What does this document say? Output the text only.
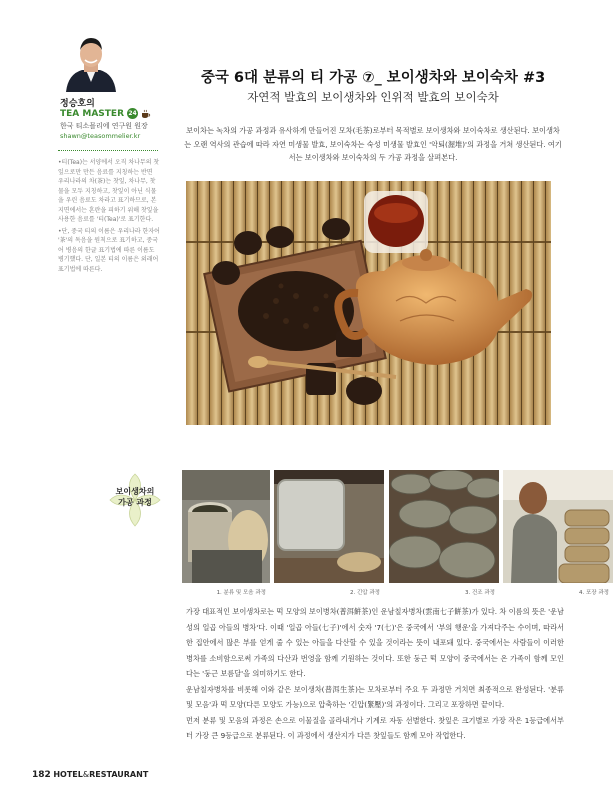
정승호의
TEA MASTER 24
한국 티소믈리에 연구원 원장
shawn@teasommelier.kr

•티(Tea)는 서양에서 오직 차나무의 찻잎으로만 만든 음료를 지칭하는 반면 우리나라의 차(茶)는 찻잎, 차나무, 찻물을 모두 지칭하고, 찻잎이 아닌 식물을 우린 음료도 차라고 표기하므로, 본 지면에서는 혼란을 피하기 위해 찻잎을 사용한 음료를 '티(Tea)'로 표기한다.

•단, 중국 티의 이름은 우리나라 한자어 '茶'의 독음을 원칙으로 표기하고, 중국어 병음의 한글 표기법에 따른 이름도 병기했다. 단, 일본 티의 이름은 외래어 표기법에 따른다.

중국 6대 분류의 티 가공 ⑦_ 보이생차와 보이숙차 #3
자연적 발효의 보이생차와 인위적 발효의 보이숙차
보이차는 녹차의 가공 과정과 유사하게 만들어진 모차(毛茶)로부터 목적별로 보이생차와 보이숙차로 생산된다. 보이생차는 오랜 역사의 관습에 따라 자연 미생물 발효, 보이숙차는 숙성 미생물 발효인 '악퇴(渥堆)'의 과정을 거쳐 생산된다. 여기서는 보이생차와 보이숙차의 두 가공 과정을 살펴본다.
보이생차의
가공 과정
1. 분류 및 모음 과정	2. 긴압 과정	3. 건조 과정	4. 포장 과정

가장 대표적인 보이생차로는 떡 모양의 보이병차(普洱餠茶)인 운남칠자병차(雲南七子餠茶)가 있다. 차 이름의 뜻은 '운남성의 일곱 아들의 병차'다. 이때 '일곱 아들(七子)'에서 숫자 '7(七)'은 중국에서 '부의 행운'을 가져다주는 수이며, 따라서 한 집안에서 많은 부를 얻게 줄 수 있는 아들을 다산할 수 있을 것이라는 뜻이 내포돼 있다. 중국에서는 사람들이 이러한 병차를 소비함으로써 가족의 다산과 번영을 함께 기원하는 것이다. 또한 둥근 떡 모양이 중국에서는 온 가족이 함께 모인다는 '둥근 보름달'을 의미하기도 한다.

운남칠자병차를 비롯해 이와 같은 보이생차(普洱生茶)는 모차로부터 주요 두 과정만 거치면 최종적으로 완성된다. '분류 및 모음'과 떡 모양(다른 모양도 가능)으로 압축하는 '긴압(緊壓)'의 과정이다. 그리고 포장하면 끝이다.

먼저 분류 및 모음의 과정은 손으로 이물질을 골라내거나 기계로 자동 선별한다. 찻잎은 크기별로 가장 작은 1등급에서부터 가장 큰 9등급으로 분류된다. 이 과정에서 생산지가 다른 찻잎들도 함께 모아 작업한다.

182 HOTEL&RESTAURANT
